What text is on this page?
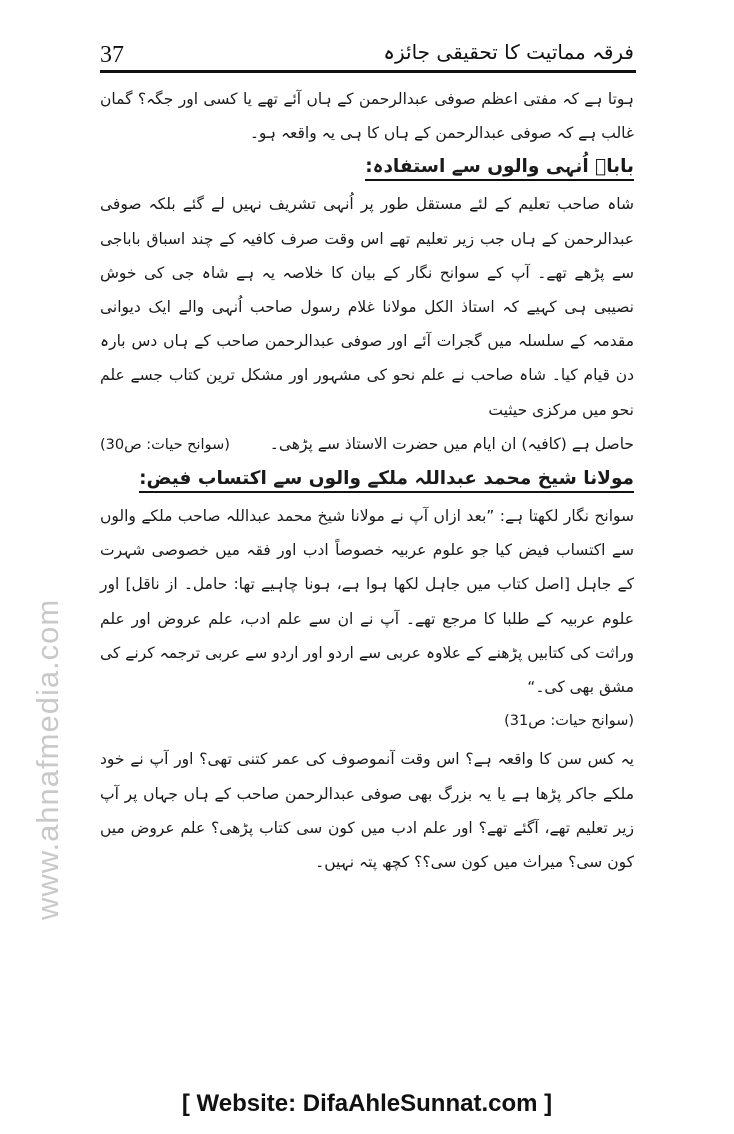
37	فرقہ مماتیت کا تحقیقی جائزہ

ہوتا ہے کہ مفتی اعظم صوفی عبدالرحمن کے ہاں آئے تھے یا کسی اور جگہ؟ گمان غالب ہے کہ صوفی عبدالرحمن کے ہاں کا ہی یہ واقعہ ہو۔

باباؒ اُنہی والوں سے استفادہ:

شاہ صاحب تعلیم کے لئے مستقل طور پر اُنہی تشریف نہیں لے گئے بلکہ صوفی عبدالرحمن کے ہاں جب زیر تعلیم تھے اس وقت صرف کافیہ کے چند اسباق باباجی سے پڑھے تھے۔ آپ کے سوانح نگار کے بیان کا خلاصہ یہ ہے شاہ جی کی خوش نصیبی ہی کہیے کہ استاذ الکل مولانا غلام رسول صاحب اُنہی والے ایک دیوانی مقدمہ کے سلسلہ میں گجرات آئے اور صوفی عبدالرحمن صاحب کے ہاں دس بارہ دن قیام کیا۔ شاہ صاحب نے علم نحو کی مشہور اور مشکل ترین کتاب جسے علم نحو میں مرکزی حیثیت

حاصل ہے (کافیہ) ان ایام میں حضرت الاستاذ سے پڑھی۔
(سوانح حیات: ص30)
مولانا شیخ محمد عبداللہ ملکے والوں سے اکتساب فیض:

سوانح نگار لکھتا ہے: ”بعد ازاں آپ نے مولانا شیخ محمد عبداللہ صاحب ملکے والوں سے اکتساب فیض کیا جو علوم عربیہ خصوصاً ادب اور فقہ میں خصوصی شہرت کے جاہل [اصل کتاب میں جاہل لکھا ہوا ہے، ہونا چاہیے تھا: حامل۔ از ناقل] اور علوم عربیہ کے طلبا کا مرجع تھے۔ آپ نے ان سے علم ادب، علم عروض اور علم وراثت کی کتابیں پڑھنے کے علاوہ عربی سے اردو اور اردو سے عربی ترجمہ کرنے کی مشق بھی کی۔“

(سوانح حیات: ص31)

یہ کس سن کا واقعہ ہے؟ اس وقت آنموصوف کی عمر کتنی تھی؟ اور آپ نے خود ملکے جاکر پڑھا ہے یا یہ بزرگ بھی صوفی عبدالرحمن صاحب کے ہاں جہاں پر آپ زیر تعلیم تھے، آگئے تھے؟ اور علم ادب میں کون سی کتاب پڑھی؟ علم عروض میں کون سی؟ میراث میں کون سی؟؟ کچھ پتہ نہیں۔

www.ahnafmedia.com
[ Website: DifaAhleSunnat.com ]
